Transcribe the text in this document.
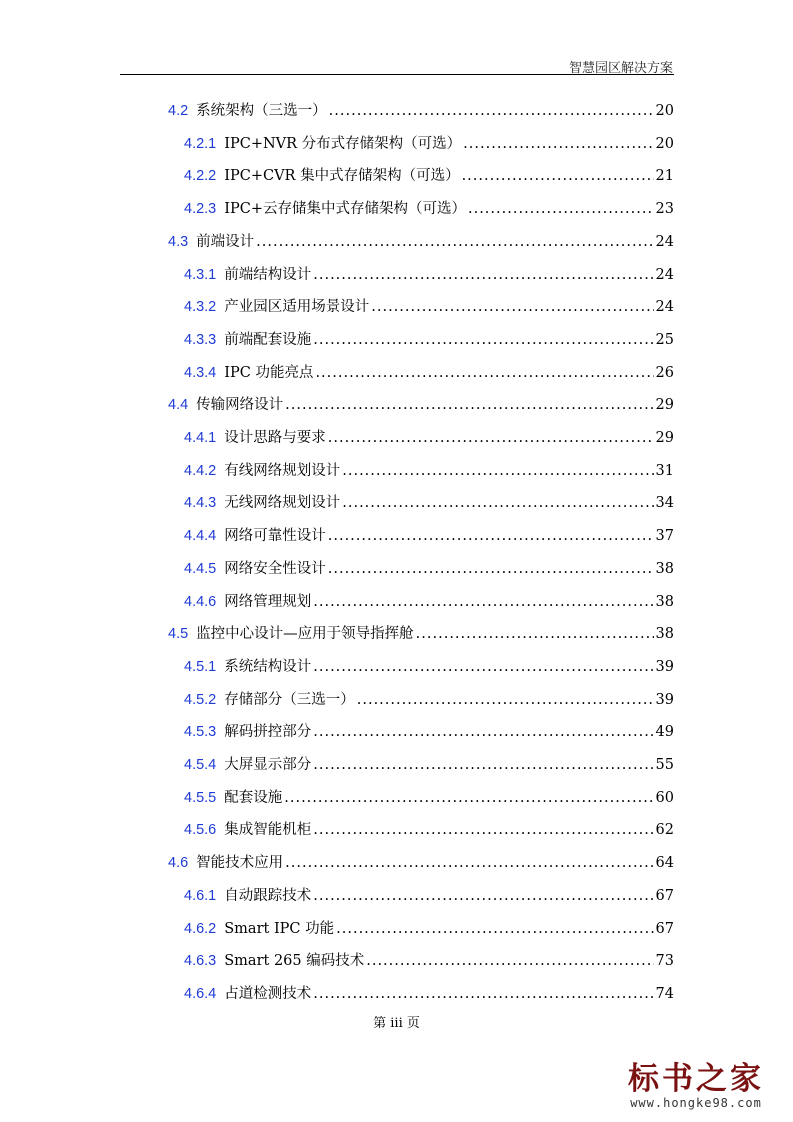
智慧园区解决方案
4.2 系统架构（三选一） .....	20
4.2.1 IPC+NVR 分布式存储架构（可选） .....	20
4.2.2 IPC+CVR 集中式存储架构（可选） .....	21
4.2.3 IPC+云存储集中式存储架构（可选） .....	23
4.3 前端设计 .....	24
4.3.1 前端结构设计 .....	24
4.3.2 产业园区适用场景设计 .....	24
4.3.3 前端配套设施 .....	25
4.3.4 IPC 功能亮点 .....	26
4.4 传输网络设计 .....	29
4.4.1 设计思路与要求 .....	29
4.4.2 有线网络规划设计 .....	31
4.4.3 无线网络规划设计 .....	34
4.4.4 网络可靠性设计 .....	37
4.4.5 网络安全性设计 .....	38
4.4.6 网络管理规划 .....	38
4.5 监控中心设计—应用于领导指挥舱 .....	38
4.5.1 系统结构设计 .....	39
4.5.2 存储部分（三选一） .....	39
4.5.3 解码拼控部分 .....	49
4.5.4 大屏显示部分 .....	55
4.5.5 配套设施 .....	60
4.5.6 集成智能机柜 .....	62
4.6 智能技术应用 .....	64
4.6.1 自动跟踪技术 .....	67
4.6.2 Smart IPC 功能 .....	67
4.6.3 Smart 265 编码技术 .....	73
4.6.4 占道检测技术 .....	74
第 iii 页
标书之家
www.hongke98.com
